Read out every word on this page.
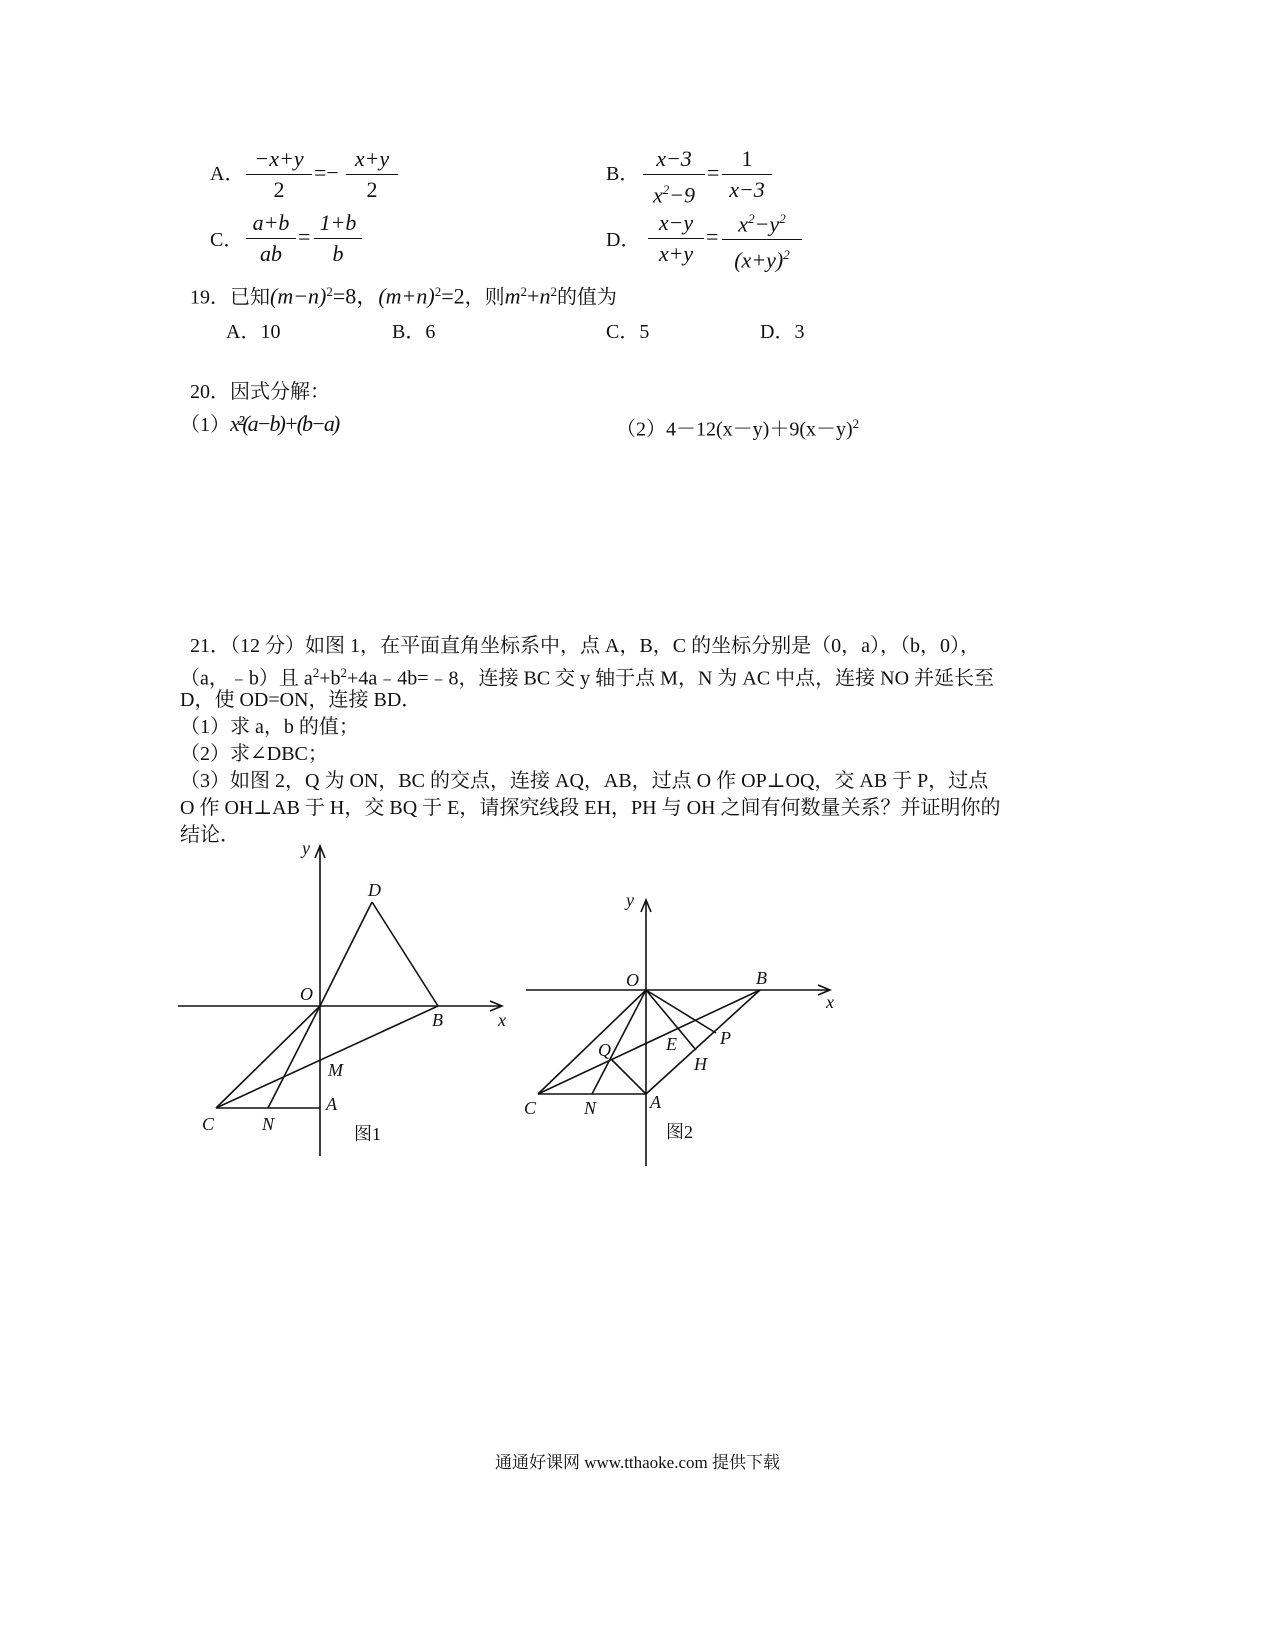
A． $\frac{-x+y}{2} =- \frac{x+y}{2}$	B． $\frac{x-3}{x^2-9} = \frac{1}{x-3}$
C． $\frac{a+b}{ab} = \frac{1+b}{b}$	D． $\frac{x-y}{x+y} = \frac{x^2-y^2}{(x+y)^2}$
19．已知$(m-n)^2=8$，$(m+n)^2=2$，则$m^2+n^2$的值为
A．10	B．6	C．5	D．3
20．因式分解：
（1）x²(a−b)+(b−a)	$(2)4-12(x-y)+9(x-y)^2$
21．（12 分）如图 1，在平面直角坐标系中，点 A，B，C 的坐标分别是（0，a），（b，0），
（a，﹣b）且 $a^2+b^2+4a﹣4b=﹣8$，连接 BC 交 y 轴于点 M，N 为 AC 中点，连接 NO 并延长至
D，使 OD=ON，连接 BD．
（1）求 a，b 的值；
（2）求∠DBC；
（3）如图 2，Q 为 ON，BC 的交点，连接 AQ，AB，过点 O 作 OP⊥OQ，交 AB 于 P，过点
O 作 OH⊥AB 于 H，交 BQ 于 E，请探究线段 EH，PH 与 OH 之间有何数量关系？并证明你的
结论．
y
x
O
D
B
M
A
C	N	图1
y
x
O	B
P
E
H
Q
A
C	N
图2
通通好课网 www.tthaoke.com 提供下载
